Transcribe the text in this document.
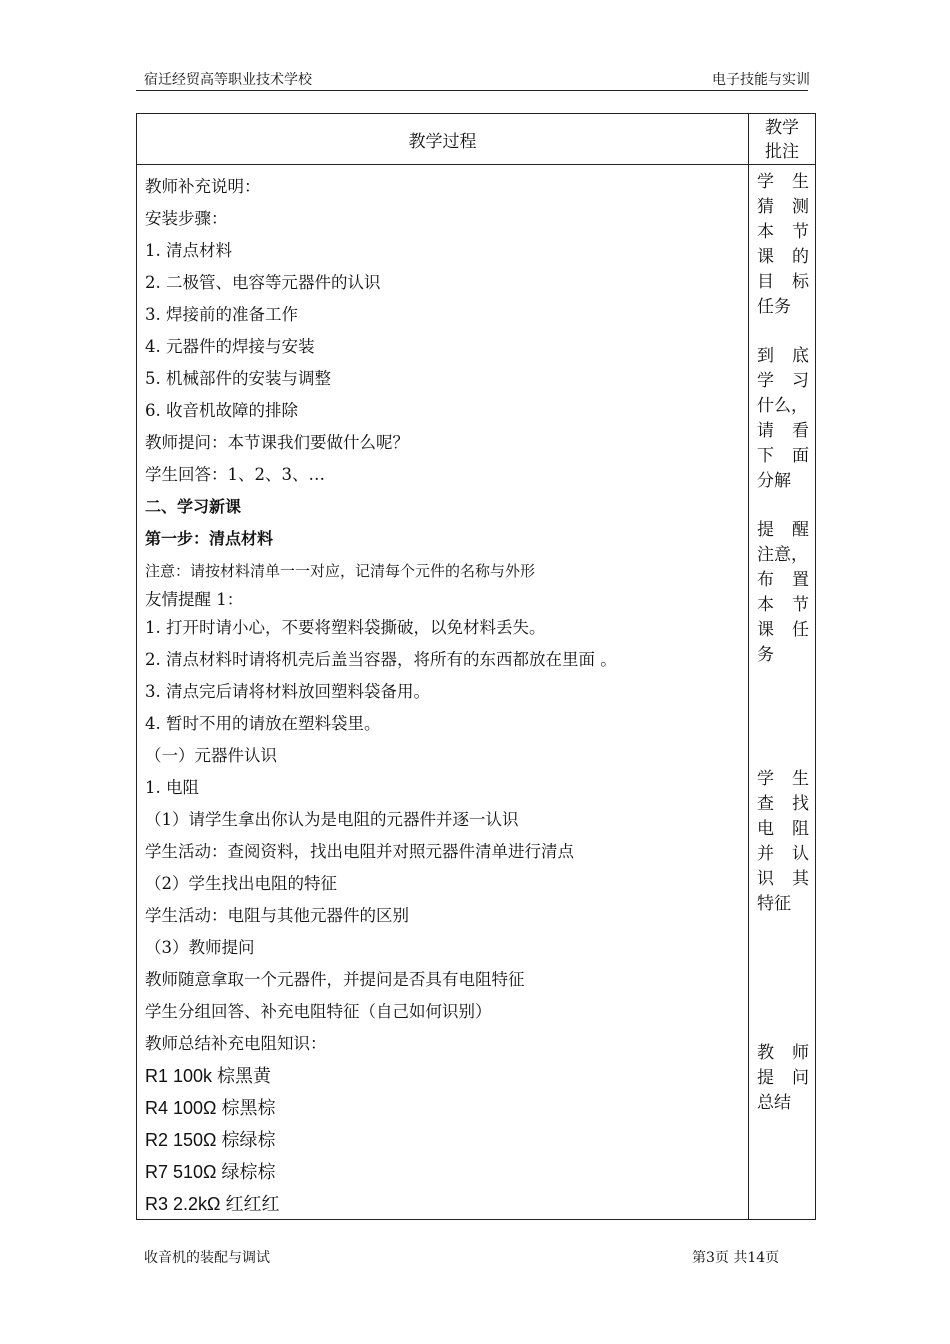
宿迁经贸高等职业技术学校	电子技能与实训
教学过程
教学
批注
教师补充说明：
安装步骤：
1. 清点材料
2. 二极管、电容等元器件的认识
3. 焊接前的准备工作
4. 元器件的焊接与安装
5. 机械部件的安装与调整
6. 收音机故障的排除
教师提问：本节课我们要做什么呢？
学生回答：1、2、3、…
二、学习新课
第一步：清点材料
注意：请按材料清单一一对应，记清每个元件的名称与外形
友情提醒 1：
1. 打开时请小心，不要将塑料袋撕破，以免材料丢失。
2. 清点材料时请将机壳后盖当容器，将所有的东西都放在里面 。
3. 清点完后请将材料放回塑料袋备用。
4. 暂时不用的请放在塑料袋里。
（一）元器件认识
1. 电阻
（1）请学生拿出你认为是电阻的元器件并逐一认识
学生活动：查阅资料，找出电阻并对照元器件清单进行清点
（2）学生找出电阻的特征
学生活动：电阻与其他元器件的区别
（3）教师提问
教师随意拿取一个元器件，并提问是否具有电阻特征
学生分组回答、补充电阻特征（自己如何识别）
教师总结补充电阻知识：
R1 100k 棕黑黄
R4 100Ω 棕黑棕
R2 150Ω 棕绿棕
R7 510Ω 绿棕棕
R3 2.2kΩ 红红红
学 生
猜 测
本 节
课 的
目 标
任务
到 底
学 习
什么，
请 看
下 面
分解
提 醒
注意，
布 置
本 节
课 任
务
学 生
查 找
电 阻
并 认
识 其
特征
教 师
提 问
总结
收音机的装配与调试	第3页 共14页
